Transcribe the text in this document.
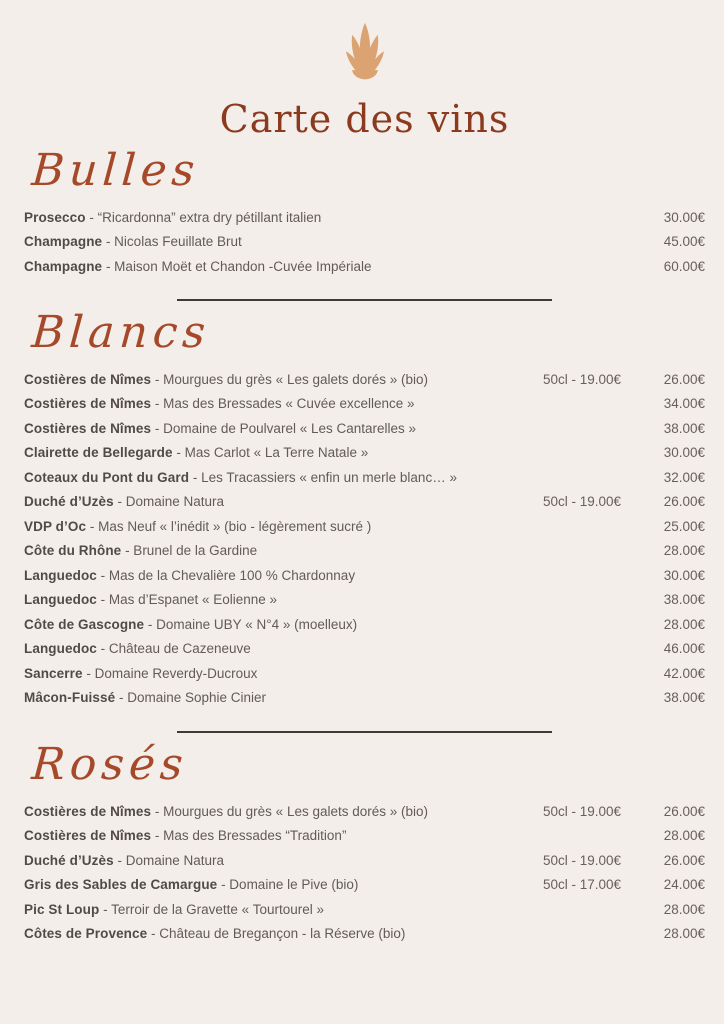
Carte des vins
Bulles
Prosecco - “Ricardonna” extra dry pétillant italien	30.00€
Champagne - Nicolas Feuillate Brut	45.00€
Champagne - Maison Moët et Chandon -Cuvée Impériale	60.00€
Blancs
Costières de Nîmes - Mourgues du grès « Les galets dorés » (bio)	50cl - 19.00€	26.00€
Costières de Nîmes - Mas des Bressades « Cuvée excellence »	34.00€
Costières de Nîmes - Domaine de Poulvarel « Les Cantarelles »	38.00€
Clairette de Bellegarde - Mas Carlot « La Terre Natale »	30.00€
Coteaux du Pont du Gard - Les Tracassiers « enfin un merle blanc… »	32.00€
Duché d’Uzès - Domaine Natura	50cl - 19.00€	26.00€
VDP d’Oc - Mas Neuf « l’inédit » (bio - légèrement sucré )	25.00€
Côte du Rhône - Brunel de la Gardine	28.00€
Languedoc - Mas de la Chevalière 100 % Chardonnay	30.00€
Languedoc - Mas d’Espanet « Eolienne »	38.00€
Côte de Gascogne - Domaine UBY « N°4 » (moelleux)	28.00€
Languedoc - Château de Cazeneuve	46.00€
Sancerre - Domaine Reverdy-Ducroux	42.00€
Mâcon-Fuissé - Domaine Sophie Cinier	38.00€
Rosés
Costières de Nîmes - Mourgues du grès « Les galets dorés » (bio)	50cl - 19.00€	26.00€
Costières de Nîmes - Mas des Bressades “Tradition”	28.00€
Duché d’Uzès - Domaine Natura	50cl - 19.00€	26.00€
Gris des Sables de Camargue - Domaine le Pive (bio)	50cl - 17.00€	24.00€
Pic St Loup - Terroir de la Gravette « Tourtourel »	28.00€
Côtes de Provence - Château de Bregançon - la Réserve (bio)	28.00€
